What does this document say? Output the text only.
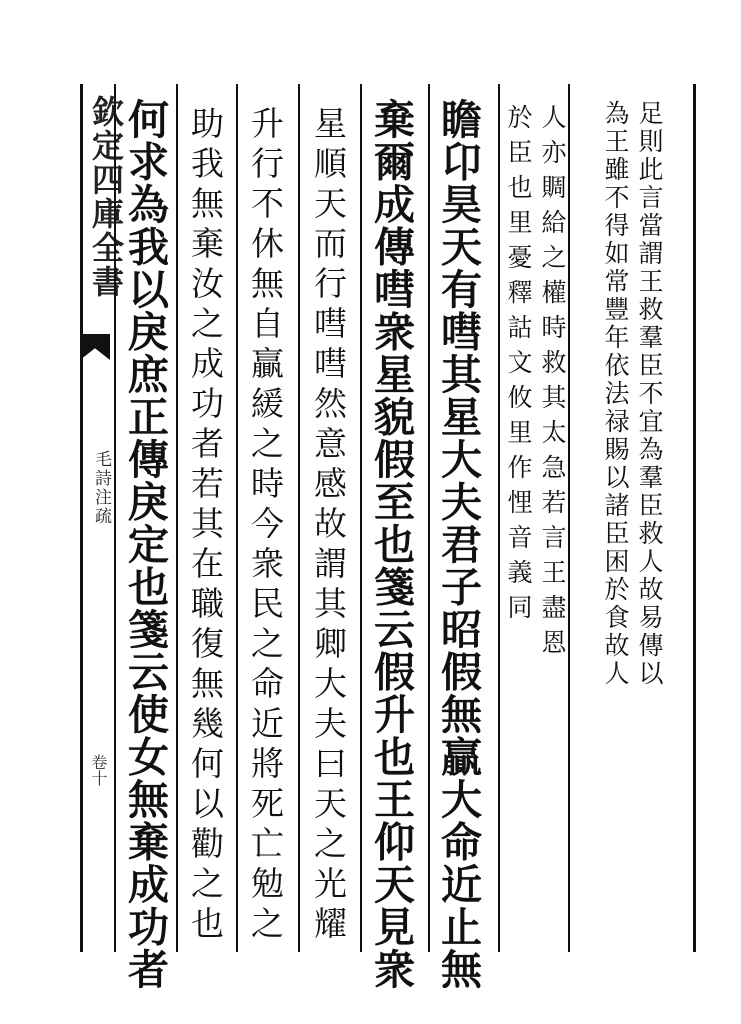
欽定四庫全書
毛詩注疏
卷十
足則此言當謂王救羣臣不宜為羣臣救人故易傳以
為王雖不得如常豐年依法禄賜以諸臣困於食故人
人亦賙給之權時救其太急若言王盡恩
於臣也里憂釋詁文攸里作悝音義同
瞻卬昊天有嘒其星大夫君子昭假無贏大命近止無
棄爾成傳嘒衆星貌假至也箋云假升也王仰天見衆
星順天而行嘒嘒然意感故謂其卿大夫曰天之光耀
升行不休無自贏緩之時今衆民之命近將死亡勉之
助我無棄汝之成功者若其在職復無幾何以勸之也
何求為我以戾庶正傳戾定也箋云使女無棄成功者
